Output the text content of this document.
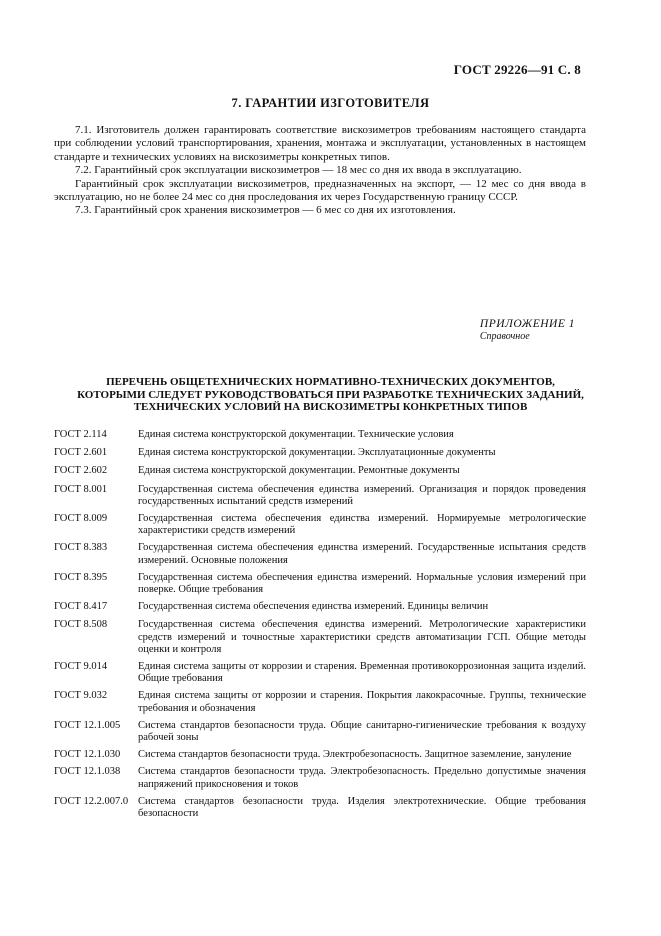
ГОСТ 29226—91 С. 8
7. ГАРАНТИИ ИЗГОТОВИТЕЛЯ

7.1. Изготовитель должен гарантировать соответствие вискозиметров требованиям настоящего стандарта при соблюдении условий транспортирования, хранения, монтажа и эксплуатации, установленных в настоящем стандарте и технических условиях на вискозиметры конкретных типов.

7.2. Гарантийный срок эксплуатации вискозиметров — 18 мес со дня их ввода в эксплуатацию.

Гарантийный срок эксплуатации вискозиметров, предназначенных на экспорт, — 12 мес со дня ввода в эксплуатацию, но не более 24 мес со дня проследования их через Государственную границу СССР.

7.3. Гарантийный срок хранения вискозиметров — 6 мес со дня их изготовления.

ПРИЛОЖЕНИЕ 1
Справочное
ПЕРЕЧЕНЬ ОБЩЕТЕХНИЧЕСКИХ НОРМАТИВНО-ТЕХНИЧЕСКИХ ДОКУМЕНТОВ,
КОТОРЫМИ СЛЕДУЕТ РУКОВОДСТВОВАТЬСЯ ПРИ РАЗРАБОТКЕ ТЕХНИЧЕСКИХ ЗАДАНИЙ,
ТЕХНИЧЕСКИХ УСЛОВИЙ НА ВИСКОЗИМЕТРЫ КОНКРЕТНЫХ ТИПОВ
ГОСТ 2.114	Единая система конструкторской документации. Технические условия
ГОСТ 2.601	Единая система конструкторской документации. Эксплуатационные документы
ГОСТ 2.602	Единая система конструкторской документации. Ремонтные документы
ГОСТ 8.001	Государственная система обеспечения единства измерений. Организация и порядок проведения государственных испытаний средств измерений
ГОСТ 8.009	Государственная система обеспечения единства измерений. Нормируемые метрологические характеристики средств измерений
ГОСТ 8.383	Государственная система обеспечения единства измерений. Государственные испытания средств измерений. Основные положения
ГОСТ 8.395	Государственная система обеспечения единства измерений. Нормальные условия измерений при поверке. Общие требования
ГОСТ 8.417	Государственная система обеспечения единства измерений. Единицы величин
ГОСТ 8.508	Государственная система обеспечения единства измерений. Метрологические характеристики средств измерений и точностные характеристики средств автоматизации ГСП. Общие методы оценки и контроля
ГОСТ 9.014	Единая система защиты от коррозии и старения. Временная противокоррозионная защита изделий. Общие требования
ГОСТ 9.032	Единая система защиты от коррозии и старения. Покрытия лакокрасочные. Группы, технические требования и обозначения
ГОСТ 12.1.005	Система стандартов безопасности труда. Общие санитарно-гигиенические требования к воздуху рабочей зоны
ГОСТ 12.1.030	Система стандартов безопасности труда. Электробезопасность. Защитное заземление, зануление
ГОСТ 12.1.038	Система стандартов безопасности труда. Электробезопасность. Предельно допустимые значения напряжений прикосновения и токов
ГОСТ 12.2.007.0 Система стандартов безопасности труда. Изделия электротехнические. Общие требования безопасности
